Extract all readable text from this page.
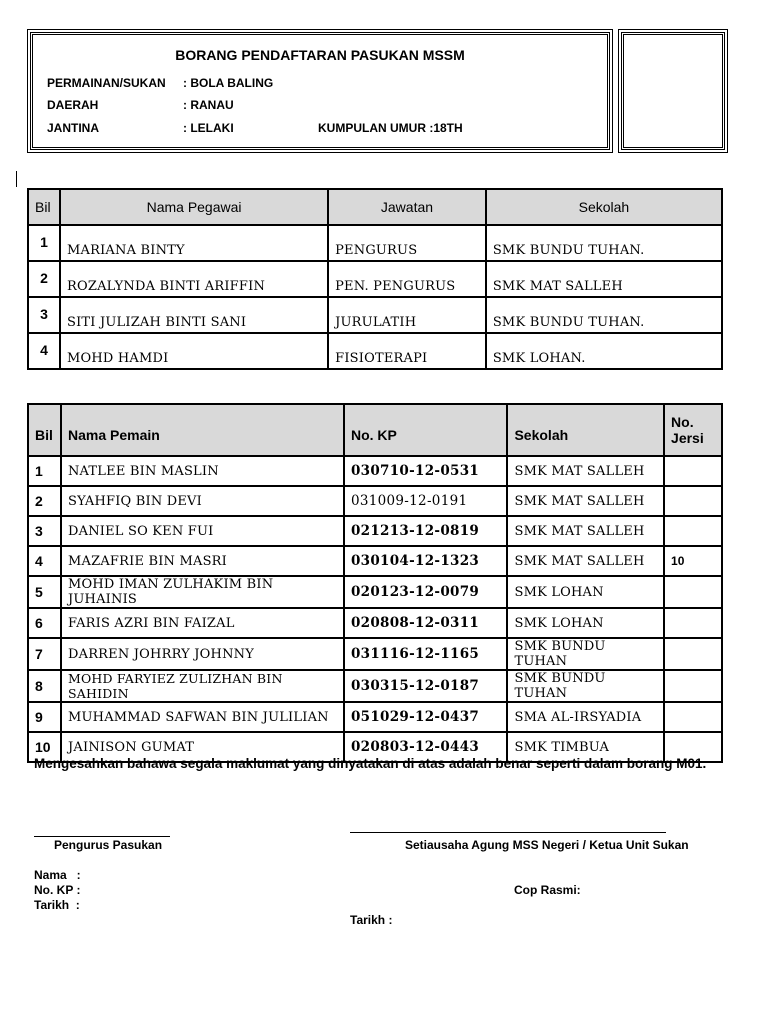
BORANG PENDAFTARAN PASUKAN MSSM
PERMAINAN/SUKAN : BOLA BALING
DAERAH	: RANAU
JANTINA	: LELAKI	KUMPULAN UMUR :18TH
Bil	Nama Pegawai	Jawatan	Sekolah
1	MARIANA BINTY	PENGURUS	SMK BUNDU TUHAN.
2	ROZALYNDA BINTI ARIFFIN	PEN. PENGURUS	SMK MAT SALLEH
3	SITI JULIZAH BINTI SANI	JURULATIH	SMK BUNDU TUHAN.
4	MOHD HAMDI	FISIOTERAPI	SMK LOHAN.
Bil	Nama Pemain	No. KP	Sekolah	No. Jersi
1	NATLEE BIN MASLIN	030710-12-0531	SMK MAT SALLEH	
2	SYAHFIQ BIN DEVI	031009-12-0191	SMK MAT SALLEH	
3	DANIEL SO KEN FUI	021213-12-0819	SMK MAT SALLEH	
4	MAZAFRIE BIN MASRI	030104-12-1323	SMK MAT SALLEH	10
5	MOHD IMAN ZULHAKIM BIN JUHAINIS	020123-12-0079	SMK LOHAN	
6	FARIS AZRI BIN FAIZAL	020808-12-0311	SMK LOHAN	
7	DARREN JOHRRY JOHNNY	031116-12-1165	SMK BUNDU TUHAN	
8	MOHD FARYIEZ ZULIZHAN BIN SAHIDIN	030315-12-0187	SMK BUNDU TUHAN	
9	MUHAMMAD SAFWAN BIN JULILIAN	051029-12-0437	SMA AL-IRSYADIA	
10	JAINISON GUMAT	020803-12-0443	SMK TIMBUA	
Mengesahkan bahawa segala maklumat yang dinyatakan di atas adalah benar seperti dalam borang M01.
Pengurus Pasukan	Setiausaha Agung MSS Negeri / Ketua Unit Sukan
Nama   :
No. KP :
Tarikh  :
Cop Rasmi:
Tarikh :
